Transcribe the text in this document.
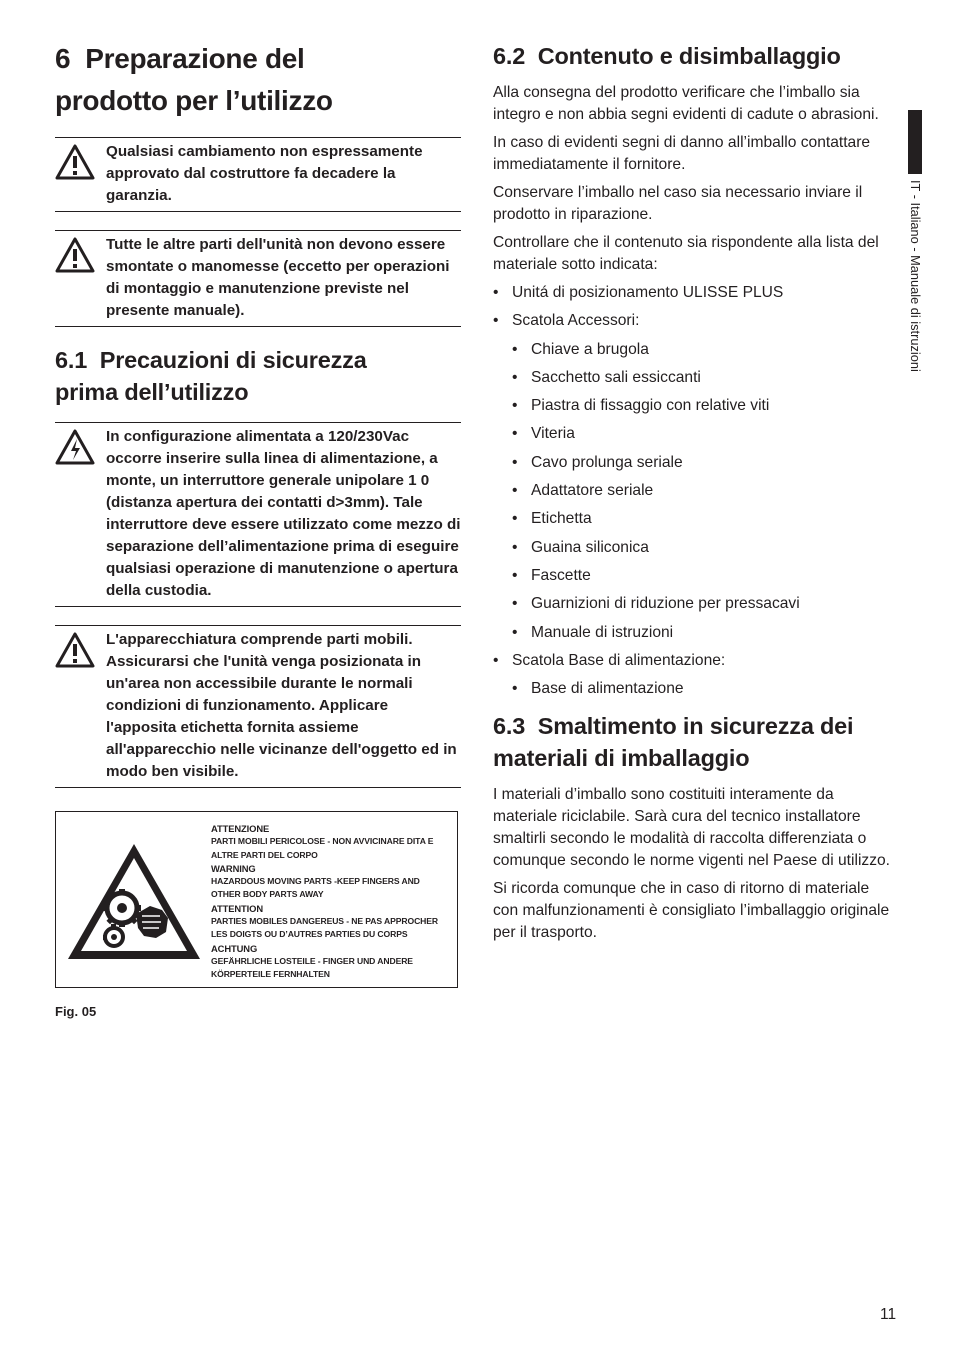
6  Preparazione del
prodotto per l’utilizzo
Qualsiasi cambiamento non espressamente approvato dal costruttore fa decadere la garanzia.
Tutte le altre parti dell'unità non devono essere smontate o manomesse (eccetto per operazioni di montaggio e manutenzione previste nel presente manuale).
6.1  Precauzioni di sicurezza
prima dell’utilizzo
In configurazione alimentata a 120/230Vac occorre inserire sulla linea di alimentazione, a monte, un interruttore generale unipolare 1 0 (distanza apertura dei contatti d>3mm). Tale interruttore deve essere utilizzato come mezzo di separazione dell’alimentazione prima di eseguire qualsiasi operazione di manutenzione o apertura della custodia.
L'apparecchiatura comprende parti mobili. Assicurarsi che l'unità venga posizionata in un'area non accessibile durante le normali condizioni di funzionamento. Applicare l'apposita etichetta fornita assieme all'apparecchio nelle vicinanze dell'oggetto ed in modo ben visibile.
ATTENZIONE
PARTI MOBILI PERICOLOSE - NON AVVICINARE DITA E ALTRE PARTI DEL CORPO
WARNING
HAZARDOUS MOVING PARTS -KEEP FINGERS AND OTHER BODY PARTS AWAY
ATTENTION
PARTIES MOBILES DANGEREUS - NE PAS APPROCHER LES DOIGTS OU D’AUTRES PARTIES DU CORPS
ACHTUNG
GEFÄHRLICHE LOSTEILE - FINGER UND ANDERE KÖRPERTEILE FERNHALTEN
Fig. 05
6.2  Contenuto e disimballaggio

Alla consegna del prodotto verificare che l’imballo sia integro e non abbia segni evidenti di cadute o abrasioni.

In caso di evidenti segni di danno all’imballo contattare immediatamente il fornitore.

Conservare l’imballo nel caso sia necessario inviare il prodotto in riparazione.

Controllare che il contenuto sia rispondente alla lista del materiale sotto indicata:

• Unitá di posizionamento ULISSE PLUS
• Scatola Accessori:
• Chiave a brugola
• Sacchetto sali essiccanti
• Piastra di fissaggio con relative viti
• Viteria
• Cavo prolunga seriale
• Adattatore seriale
• Etichetta
• Guaina siliconica
• Fascette
• Guarnizioni di riduzione per pressacavi
• Manuale di istruzioni
• Scatola Base di alimentazione:
• Base di alimentazione
6.3  Smaltimento in sicurezza dei
materiali di imballaggio

I materiali d’imballo sono costituiti interamente da materiale riciclabile. Sarà cura del tecnico installatore smaltirli secondo le modalità di raccolta differenziata o comunque secondo le norme vigenti nel Paese di utilizzo.

Si ricorda comunque che in caso di ritorno di materiale con malfunzionamenti è consigliato l’imballaggio originale per il trasporto.

IT - Italiano - Manuale di istruzioni
11
